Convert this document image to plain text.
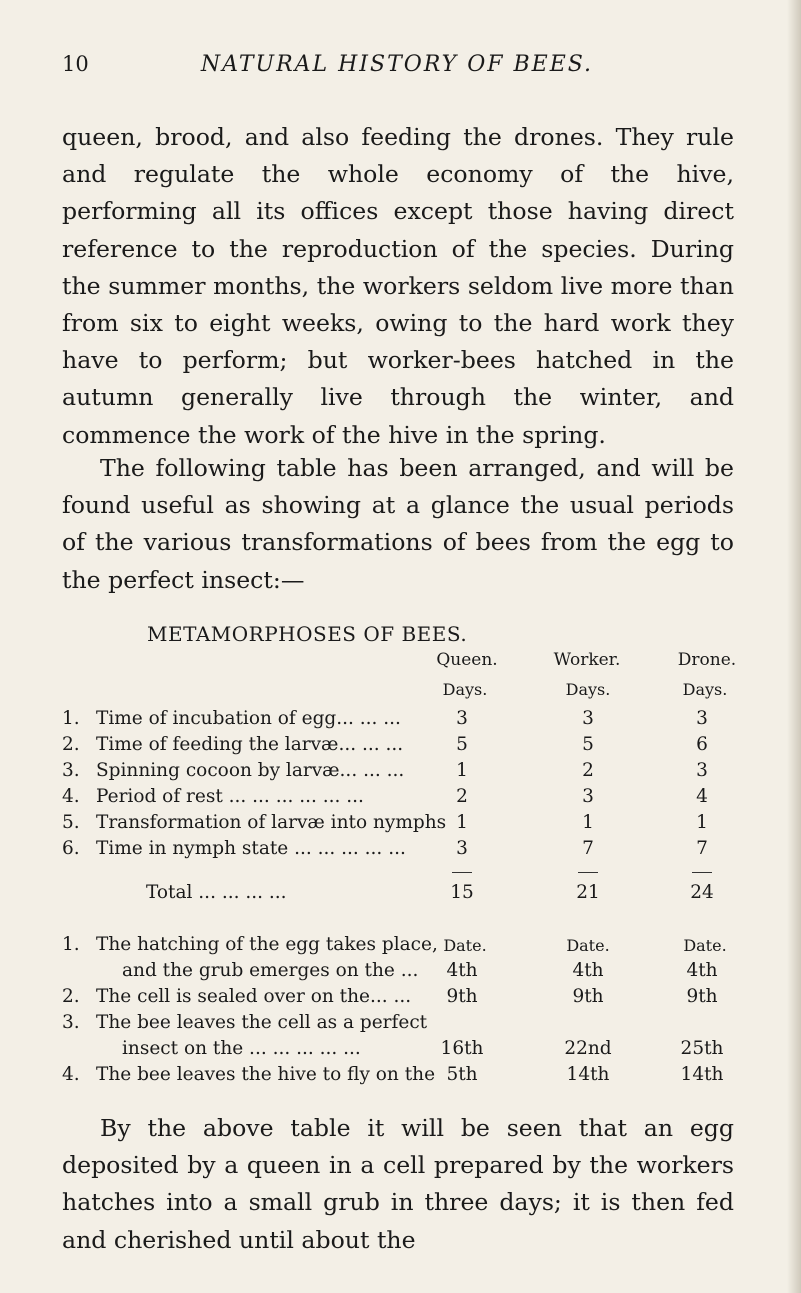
10	NATURAL HISTORY OF BEES.

queen, brood, and also feeding the drones. They rule and regulate the whole economy of the hive, performing all its offices except those having direct reference to the reproduction of the species. During the summer months, the workers seldom live more than from six to eight weeks, owing to the hard work they have to perform; but worker-bees hatched in the autumn generally live through the winter, and commence the work of the hive in the spring.

The following table has been arranged, and will be found useful as showing at a glance the usual periods of the various transformations of bees from the egg to the perfect insect:—

METAMORPHOSES OF BEES.
Queen.	Worker.	Drone.
Days.	Days.	Days.
1. Time of incubation of egg... ... ...	3	3	3
2. Time of feeding the larvæ... ... ...	5	5	6
3. Spinning cocoon by larvæ... ... ...	1	2	3
4. Period of rest ... ... ... ... ... ...	2	3	4
5. Transformation of larvæ into nymphs 1	1	1
6. Time in nymph state ... ... ... ... ...	3	7	7
Total ... ... ... ...	15	21	24
Date.	Date.	Date.
1. The hatching of the egg takes place,
and the grub emerges on the ...	4th	4th	4th
2. The cell is sealed over on the... ...	9th	9th	9th
3. The bee leaves the cell as a perfect
insect on the ... ... ... ... ...	16th	22nd	25th
4. The bee leaves the hive to fly on the 5th	14th	14th

By the above table it will be seen that an egg deposited by a queen in a cell prepared by the workers hatches into a small grub in three days; it is then fed and cherished until about the
